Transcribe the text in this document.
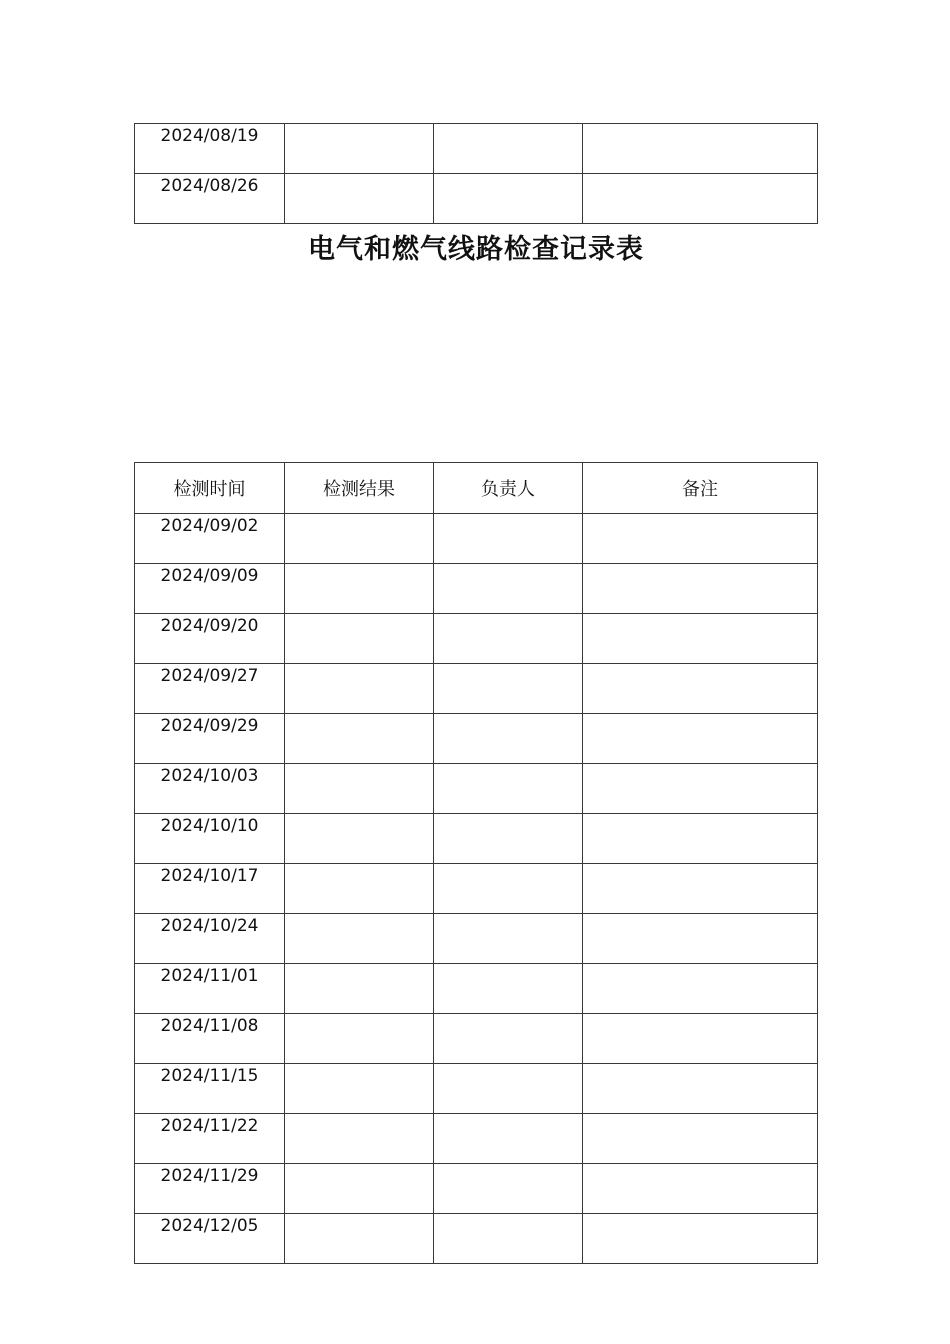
2024/08/19			
2024/08/26			
电气和燃气线路检查记录表
检测时间	检测结果	负责人	备注
2024/09/02			
2024/09/09			
2024/09/20			
2024/09/27			
2024/09/29			
2024/10/03			
2024/10/10			
2024/10/17			
2024/10/24			
2024/11/01			
2024/11/08			
2024/11/15			
2024/11/22			
2024/11/29			
2024/12/05			
